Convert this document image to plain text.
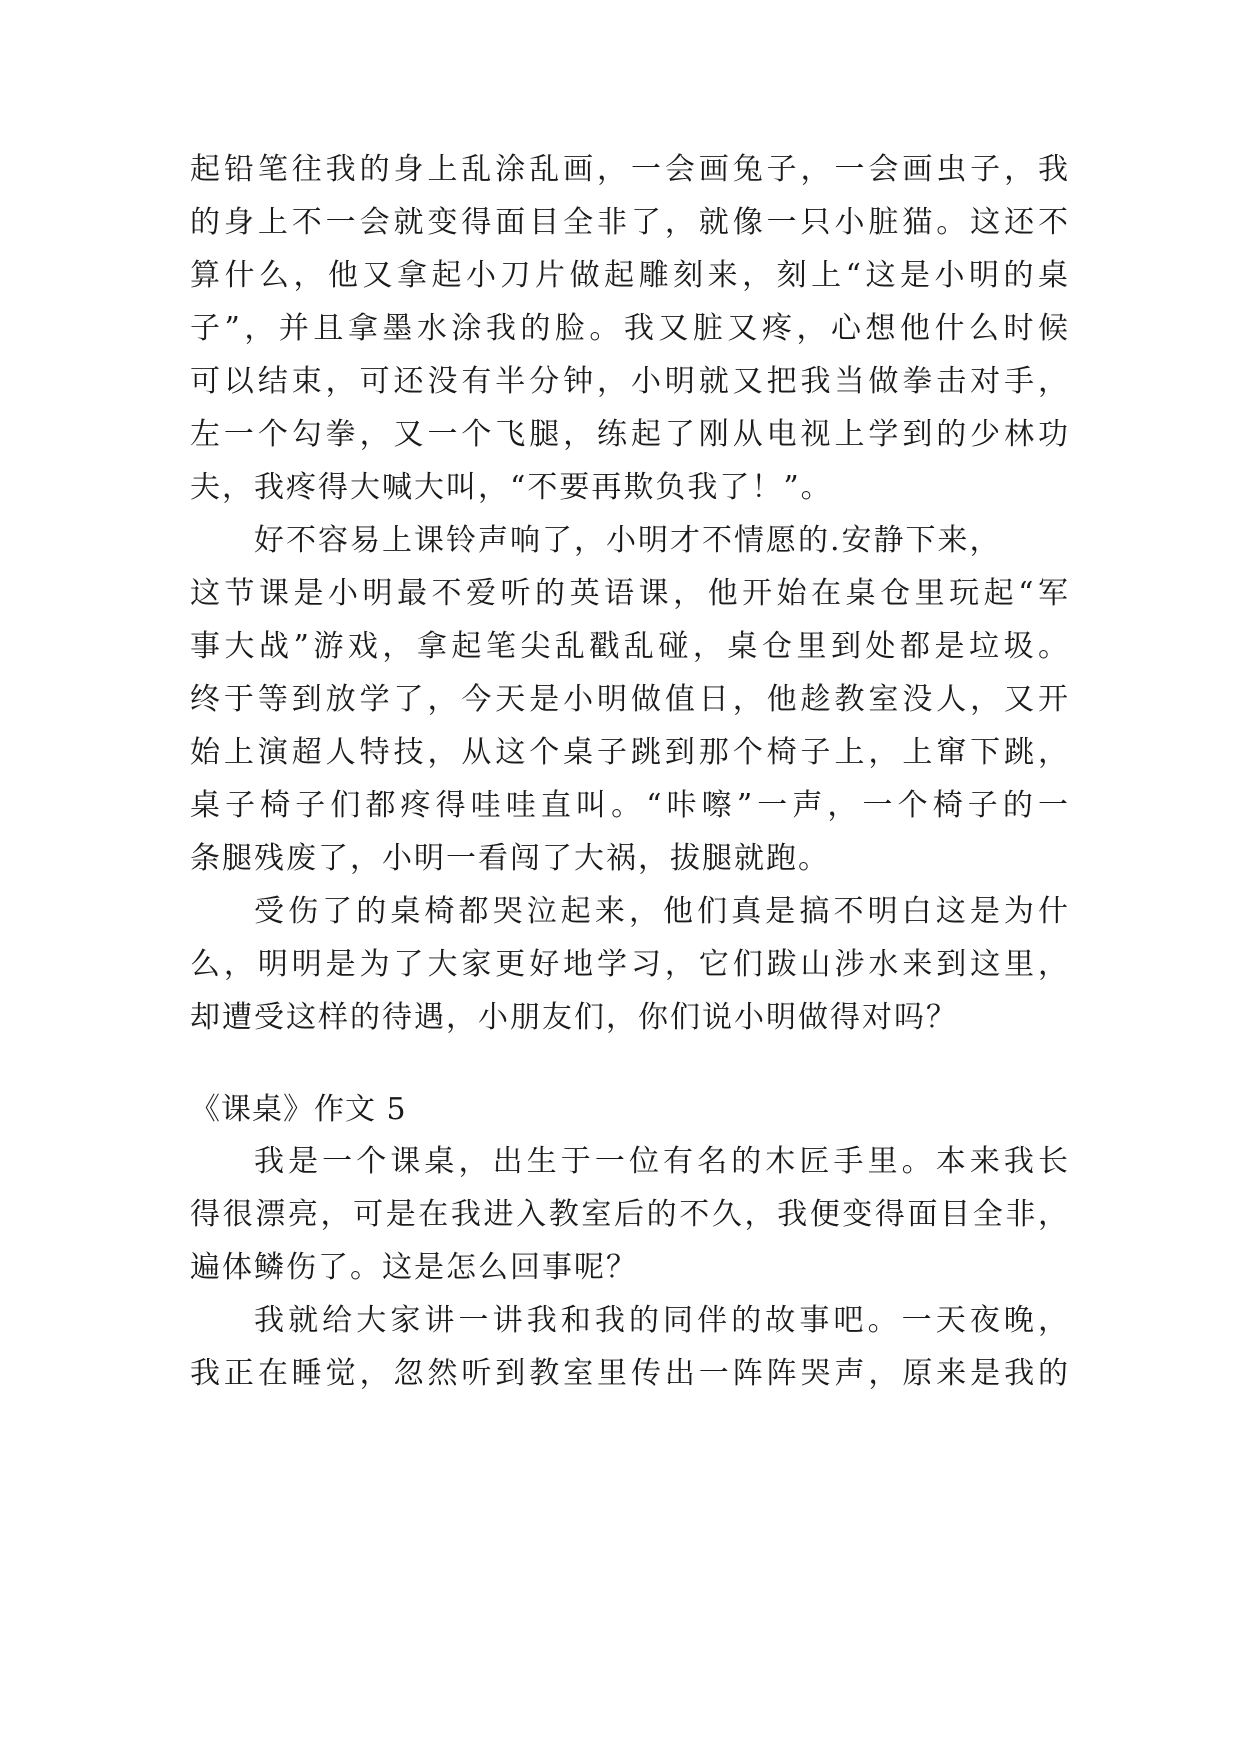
起铅笔往我的身上乱涂乱画，一会画兔子，一会画虫子，我
的身上不一会就变得面目全非了，就像一只小脏猫。这还不
算什么，他又拿起小刀片做起雕刻来，刻上“这是小明的桌
子”，并且拿墨水涂我的脸。我又脏又疼，心想他什么时候
可以结束，可还没有半分钟，小明就又把我当做拳击对手，
左一个勾拳，又一个飞腿，练起了刚从电视上学到的少林功
夫，我疼得大喊大叫，“不要再欺负我了！”。
好不容易上课铃声响了，小明才不情愿的.安静下来，
这节课是小明最不爱听的英语课，他开始在桌仓里玩起“军
事大战”游戏，拿起笔尖乱戳乱碰，桌仓里到处都是垃圾。
终于等到放学了，今天是小明做值日，他趁教室没人，又开
始上演超人特技，从这个桌子跳到那个椅子上，上窜下跳，
桌子椅子们都疼得哇哇直叫。“咔嚓”一声，一个椅子的一
条腿残废了，小明一看闯了大祸，拔腿就跑。
受伤了的桌椅都哭泣起来，他们真是搞不明白这是为什
么，明明是为了大家更好地学习，它们跋山涉水来到这里，
却遭受这样的待遇，小朋友们，你们说小明做得对吗？
《课桌》作文 5
我是一个课桌，出生于一位有名的木匠手里。本来我长
得很漂亮，可是在我进入教室后的不久，我便变得面目全非，
遍体鳞伤了。这是怎么回事呢？
我就给大家讲一讲我和我的同伴的故事吧。一天夜晚，
我正在睡觉，忽然听到教室里传出一阵阵哭声，原来是我的
